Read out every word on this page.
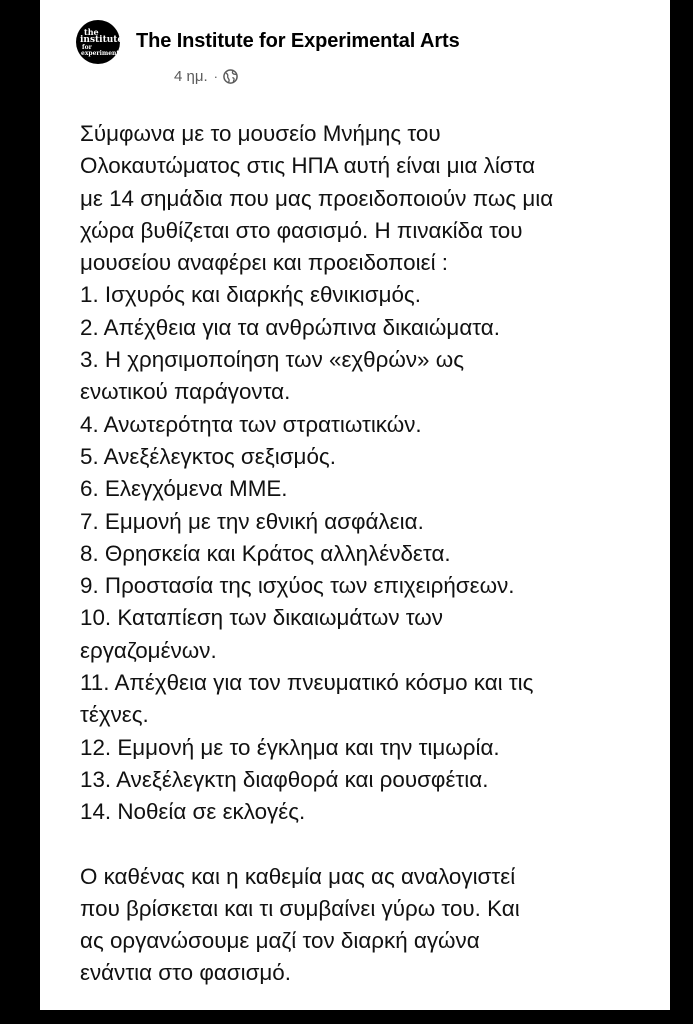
the
institute
for
experimental
The Institute for Experimental Arts
4 ημ. ·

Σύμφωνα με το μουσείο Μνήμης του

Ολοκαυτώματος στις ΗΠΑ αυτή είναι μια λίστα

με 14 σημάδια που μας προειδοποιούν πως μια

χώρα βυθίζεται στο φασισμό. Η πινακίδα του

μουσείου αναφέρει και προειδοποιεί :

1. Ισχυρός και διαρκής εθνικισμός.

2. Απέχθεια για τα ανθρώπινα δικαιώματα.

3. Η χρησιμοποίηση των «εχθρών» ως

ενωτικού παράγοντα.

4. Ανωτερότητα των στρατιωτικών.

5. Ανεξέλεγκτος σεξισμός.

6. Ελεγχόμενα ΜΜΕ.

7. Εμμονή με την εθνική ασφάλεια.

8. Θρησκεία και Κράτος αλληλένδετα.

9. Προστασία της ισχύος των επιχειρήσεων.

10. Καταπίεση των δικαιωμάτων των

εργαζομένων.

11. Απέχθεια για τον πνευματικό κόσμο και τις

τέχνες.

12. Εμμονή με το έγκλημα και την τιμωρία.

13. Ανεξέλεγκτη διαφθορά και ρουσφέτια.

14. Νοθεία σε εκλογές.

Ο καθένας και η καθεμία μας ας αναλογιστεί

που βρίσκεται και τι συμβαίνει γύρω του. Και

ας οργανώσουμε μαζί τον διαρκή αγώνα

ενάντια στο φασισμό.
